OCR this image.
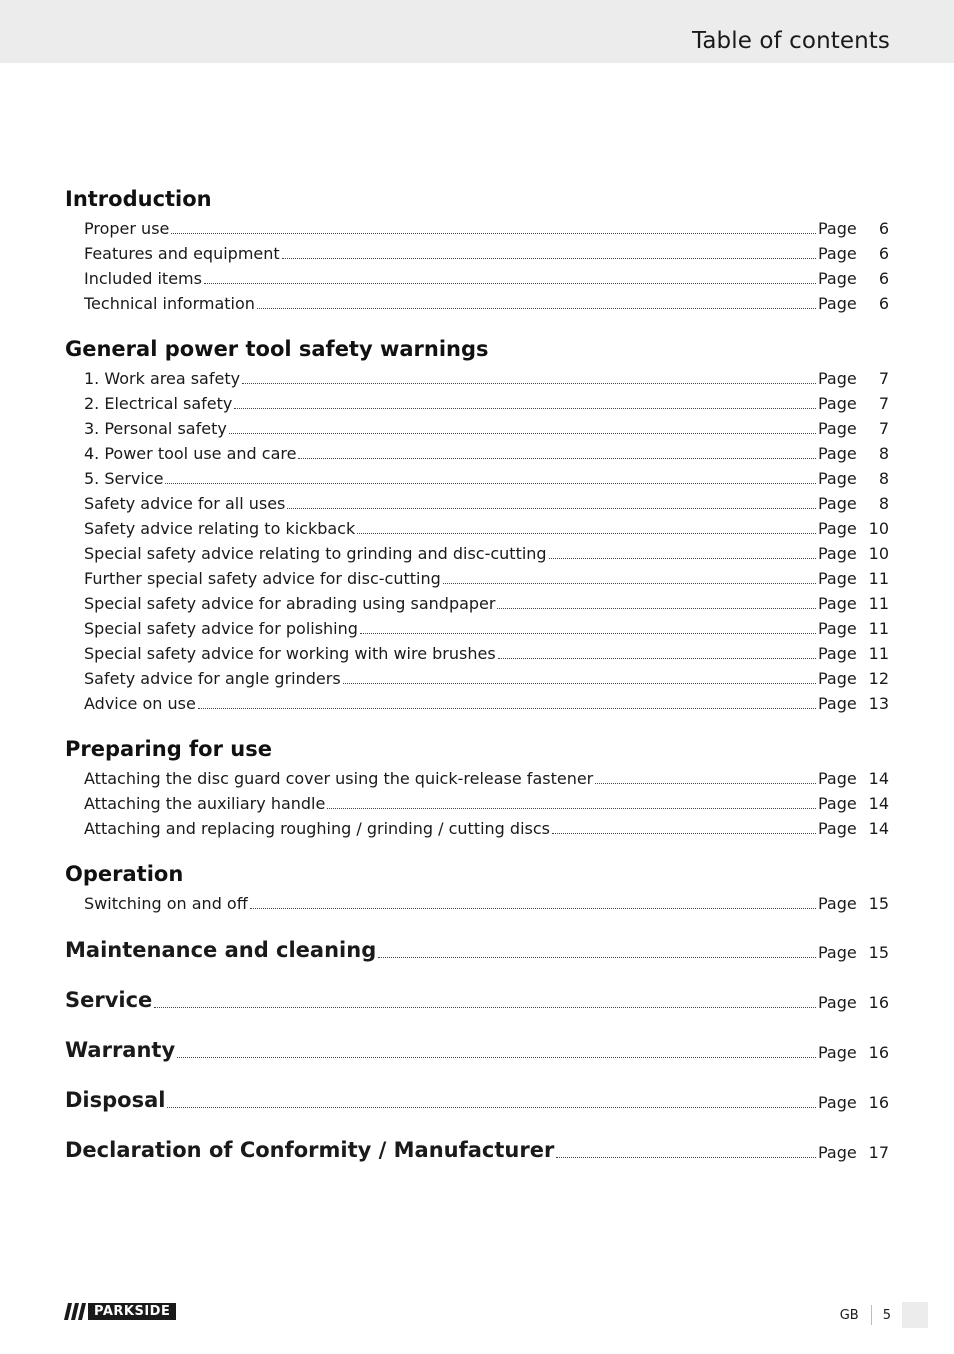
Table of contents
Introduction
Proper use	Page	6
Features and equipment	Page	6
Included items	Page	6
Technical information	Page	6
General power tool safety warnings
1. Work area safety	Page	7
2. Electrical safety	Page	7
3. Personal safety	Page	7
4. Power tool use and care	Page	8
5. Service	Page	8
Safety advice for all uses	Page	8
Safety advice relating to kickback	Page 10
Special safety advice relating to grinding and disc-cutting	Page 10
Further special safety advice for disc-cutting	Page 11
Special safety advice for abrading using sandpaper	Page 11
Special safety advice for polishing	Page 11
Special safety advice for working with wire brushes	Page 11
Safety advice for angle grinders	Page 12
Advice on use	Page 13
Preparing for use
Attaching the disc guard cover using the quick-release fastener	Page 14
Attaching the auxiliary handle	Page 14
Attaching and replacing roughing / grinding / cutting discs	Page 14
Operation
Switching on and off	Page 15
Maintenance and cleaning	Page 15
Service	Page 16
Warranty	Page 16
Disposal	Page 16
Declaration of Conformity / Manufacturer	Page 17
PARKSIDE	GB 5
